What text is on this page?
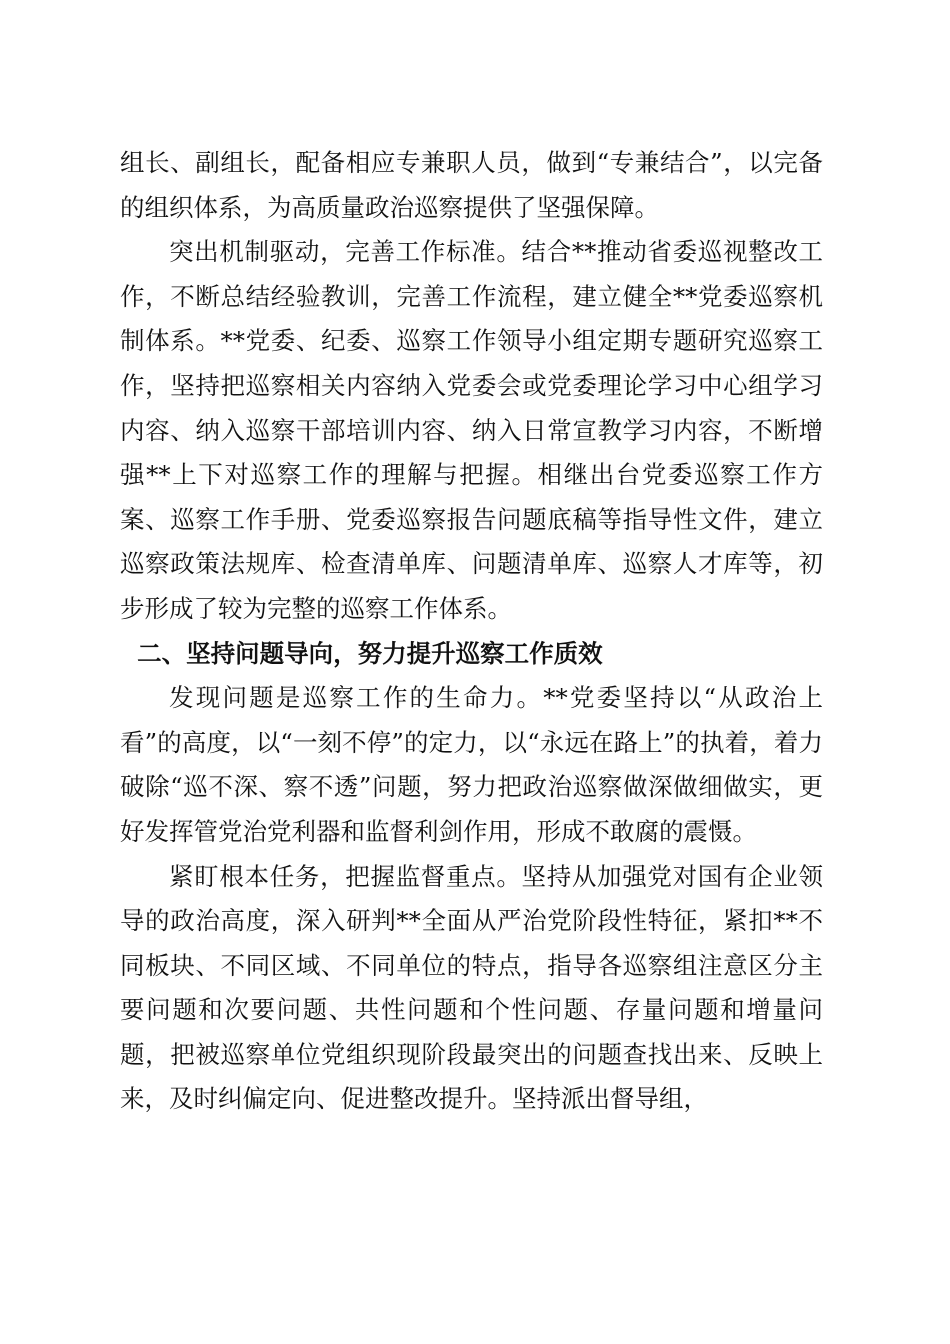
组长、副组长，配备相应专兼职人员，做到“专兼结合”，以完备的组织体系，为高质量政治巡察提供了坚强保障。

突出机制驱动，完善工作标准。结合**推动省委巡视整改工作，不断总结经验教训，完善工作流程，建立健全**党委巡察机制体系。**党委、纪委、巡察工作领导小组定期专题研究巡察工作，坚持把巡察相关内容纳入党委会或党委理论学习中心组学习内容、纳入巡察干部培训内容、纳入日常宣教学习内容，不断增强**上下对巡察工作的理解与把握。相继出台党委巡察工作方案、巡察工作手册、党委巡察报告问题底稿等指导性文件，建立巡察政策法规库、检查清单库、问题清单库、巡察人才库等，初步形成了较为完整的巡察工作体系。

二、坚持问题导向，努力提升巡察工作质效

发现问题是巡察工作的生命力。**党委坚持以“从政治上看”的高度，以“一刻不停”的定力，以“永远在路上”的执着，着力破除“巡不深、察不透”问题，努力把政治巡察做深做细做实，更好发挥管党治党利器和监督利剑作用，形成不敢腐的震慑。

紧盯根本任务，把握监督重点。坚持从加强党对国有企业领导的政治高度，深入研判**全面从严治党阶段性特征，紧扣**不同板块、不同区域、不同单位的特点，指导各巡察组注意区分主要问题和次要问题、共性问题和个性问题、存量问题和增量问题，把被巡察单位党组织现阶段最突出的问题查找出来、反映上来，及时纠偏定向、促进整改提升。坚持派出督导组，
